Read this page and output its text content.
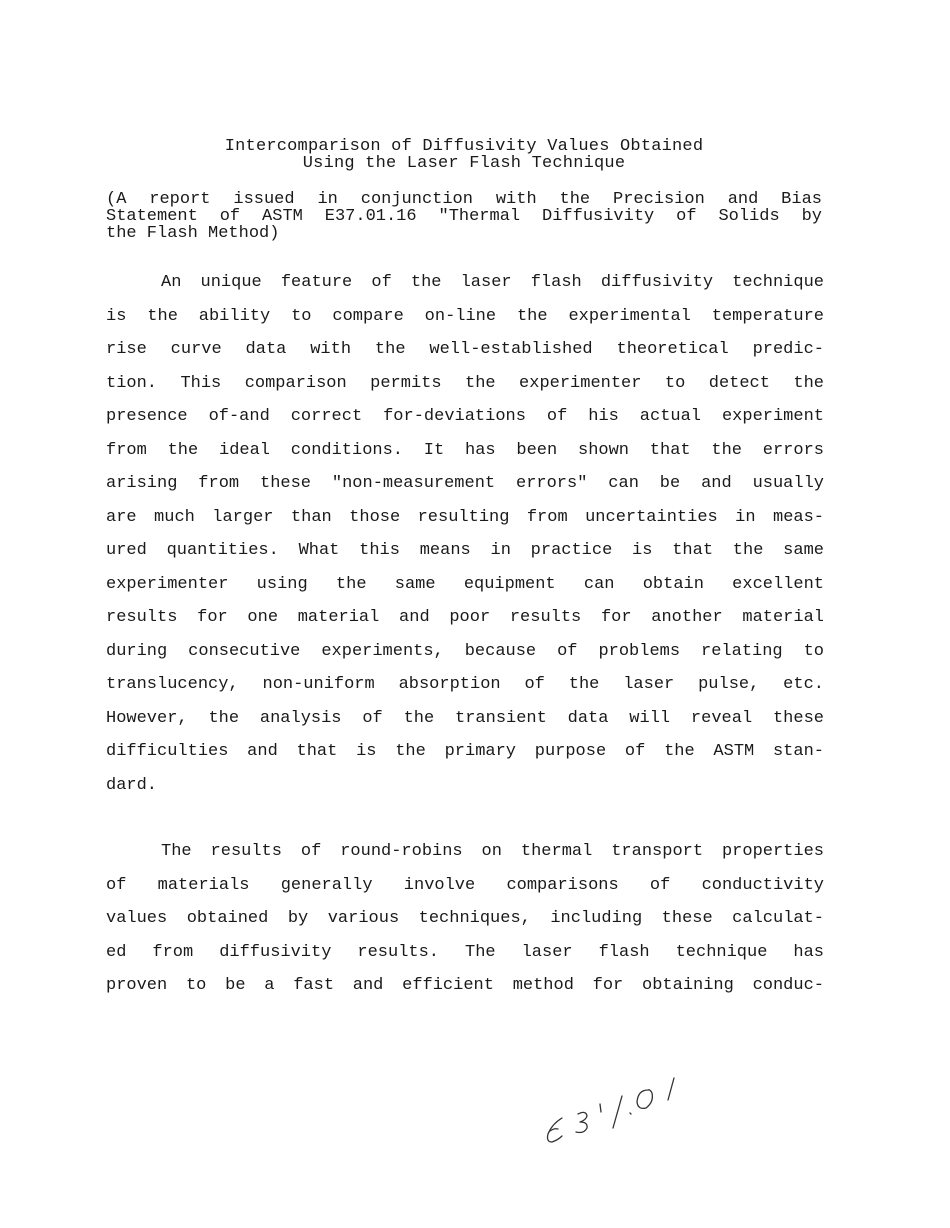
Intercomparison of Diffusivity Values Obtained
Using the Laser Flash Technique
(A report issued in conjunction with the Precision and Bias
Statement of ASTM E37.01.16 "Thermal Diffusivity of Solids by
the Flash Method)
An unique feature of the laser flash diffusivity technique
is the ability to compare on-line the experimental temperature
rise curve data with the well-established theoretical predic-
tion. This comparison permits the experimenter to detect the
presence of-and correct for-deviations of his actual experiment
from the ideal conditions. It has been shown that the errors
arising from these "non-measurement errors" can be and usually
are much larger than those resulting from uncertainties in meas-
ured quantities. What this means in practice is that the same
experimenter using the same equipment can obtain excellent
results for one material and poor results for another material
during consecutive experiments, because of problems relating to
translucency, non-uniform absorption of the laser pulse, etc.
However, the analysis of the transient data will reveal these
difficulties and that is the primary purpose of the ASTM stan-
dard.
The results of round-robins on thermal transport properties
of materials generally involve comparisons of conductivity
values obtained by various techniques, including these calculat-
ed from diffusivity results. The laser flash technique has
proven to be a fast and efficient method for obtaining conduc-
